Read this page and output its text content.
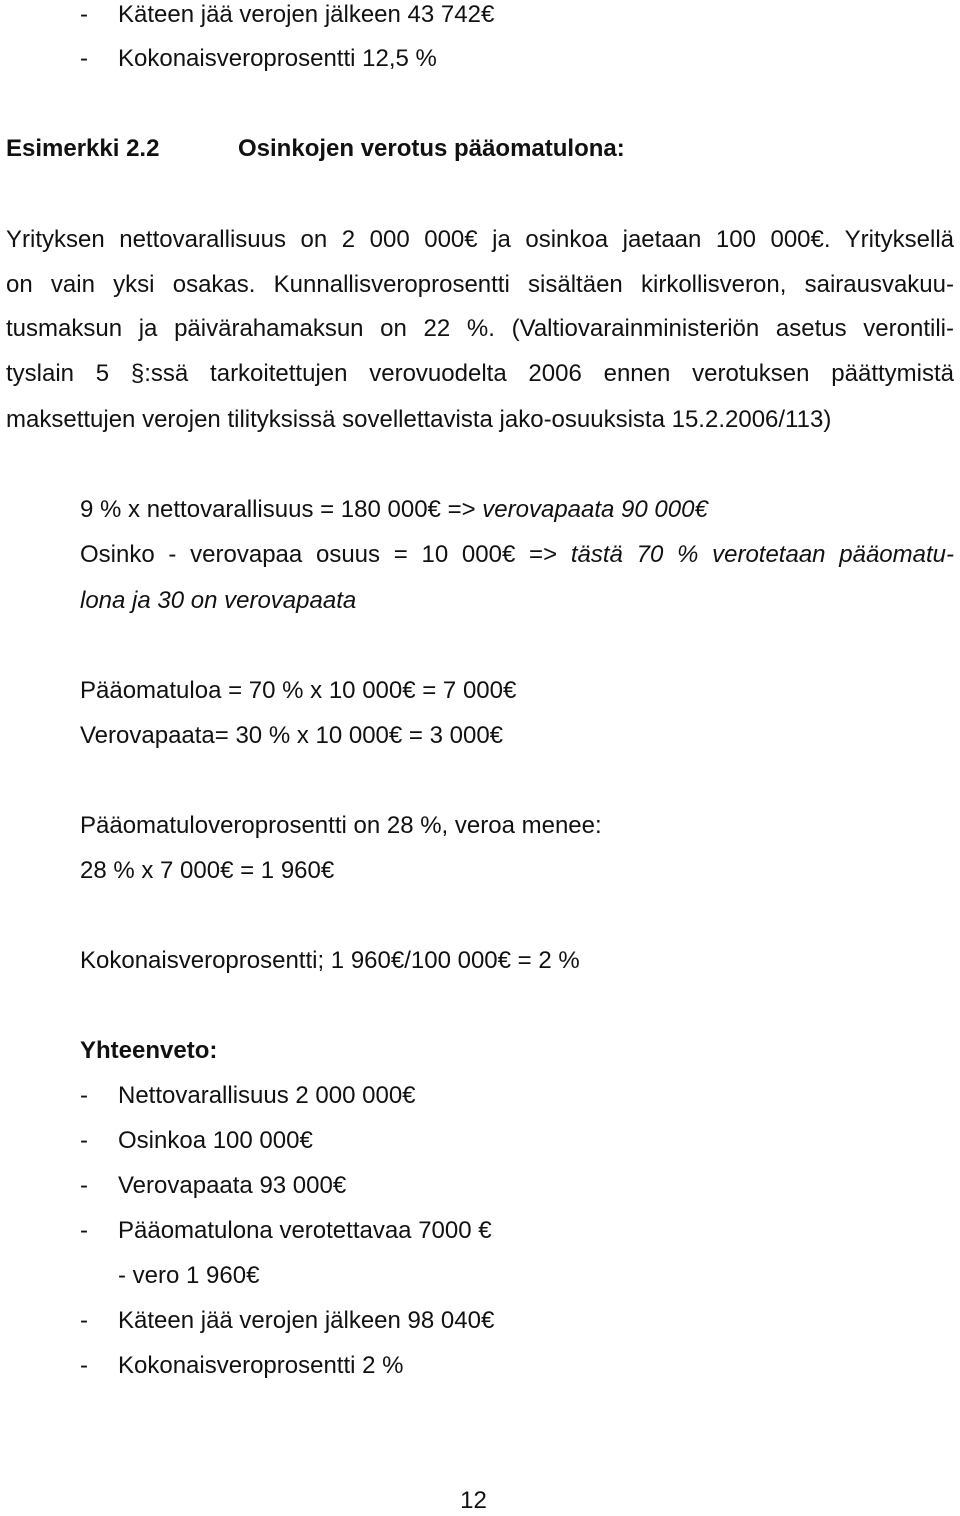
- Käteen jää verojen jälkeen 43 742€
- Kokonaisveroprosentti 12,5 %
Esimerkki 2.2	Osinkojen verotus pääomatulona:
Yrityksen nettovarallisuus on 2 000 000€ ja osinkoa jaetaan 100 000€. Yrityksellä
on vain yksi osakas. Kunnallisveroprosentti sisältäen kirkollisveron, sairausvakuu-
tusmaksun ja päivärahamaksun on 22 %. (Valtiovarainministeriön asetus verontili-
tyslain 5 §:ssä tarkoitettujen verovuodelta 2006 ennen verotuksen päättymistä
maksettujen verojen tilityksissä sovellettavista jako-osuuksista 15.2.2006/113)
9 % x nettovarallisuus = 180 000€ => verovapaata 90 000€
Osinko - verovapaa osuus = 10 000€ => tästä 70 % verotetaan pääomatu-
lona ja 30 on verovapaata
Pääomatuloa = 70 % x 10 000€ = 7 000€
Verovapaata= 30 % x 10 000€ = 3 000€
Pääomatuloveroprosentti on 28 %, veroa menee:
28 % x 7 000€ = 1 960€
Kokonaisveroprosentti; 1 960€/100 000€ = 2 %
Yhteenveto:
- Nettovarallisuus 2 000 000€
- Osinkoa 100 000€
- Verovapaata 93 000€
- Pääomatulona verotettavaa 7000 €
- vero 1 960€
- Käteen jää verojen jälkeen 98 040€
- Kokonaisveroprosentti 2 %
12
